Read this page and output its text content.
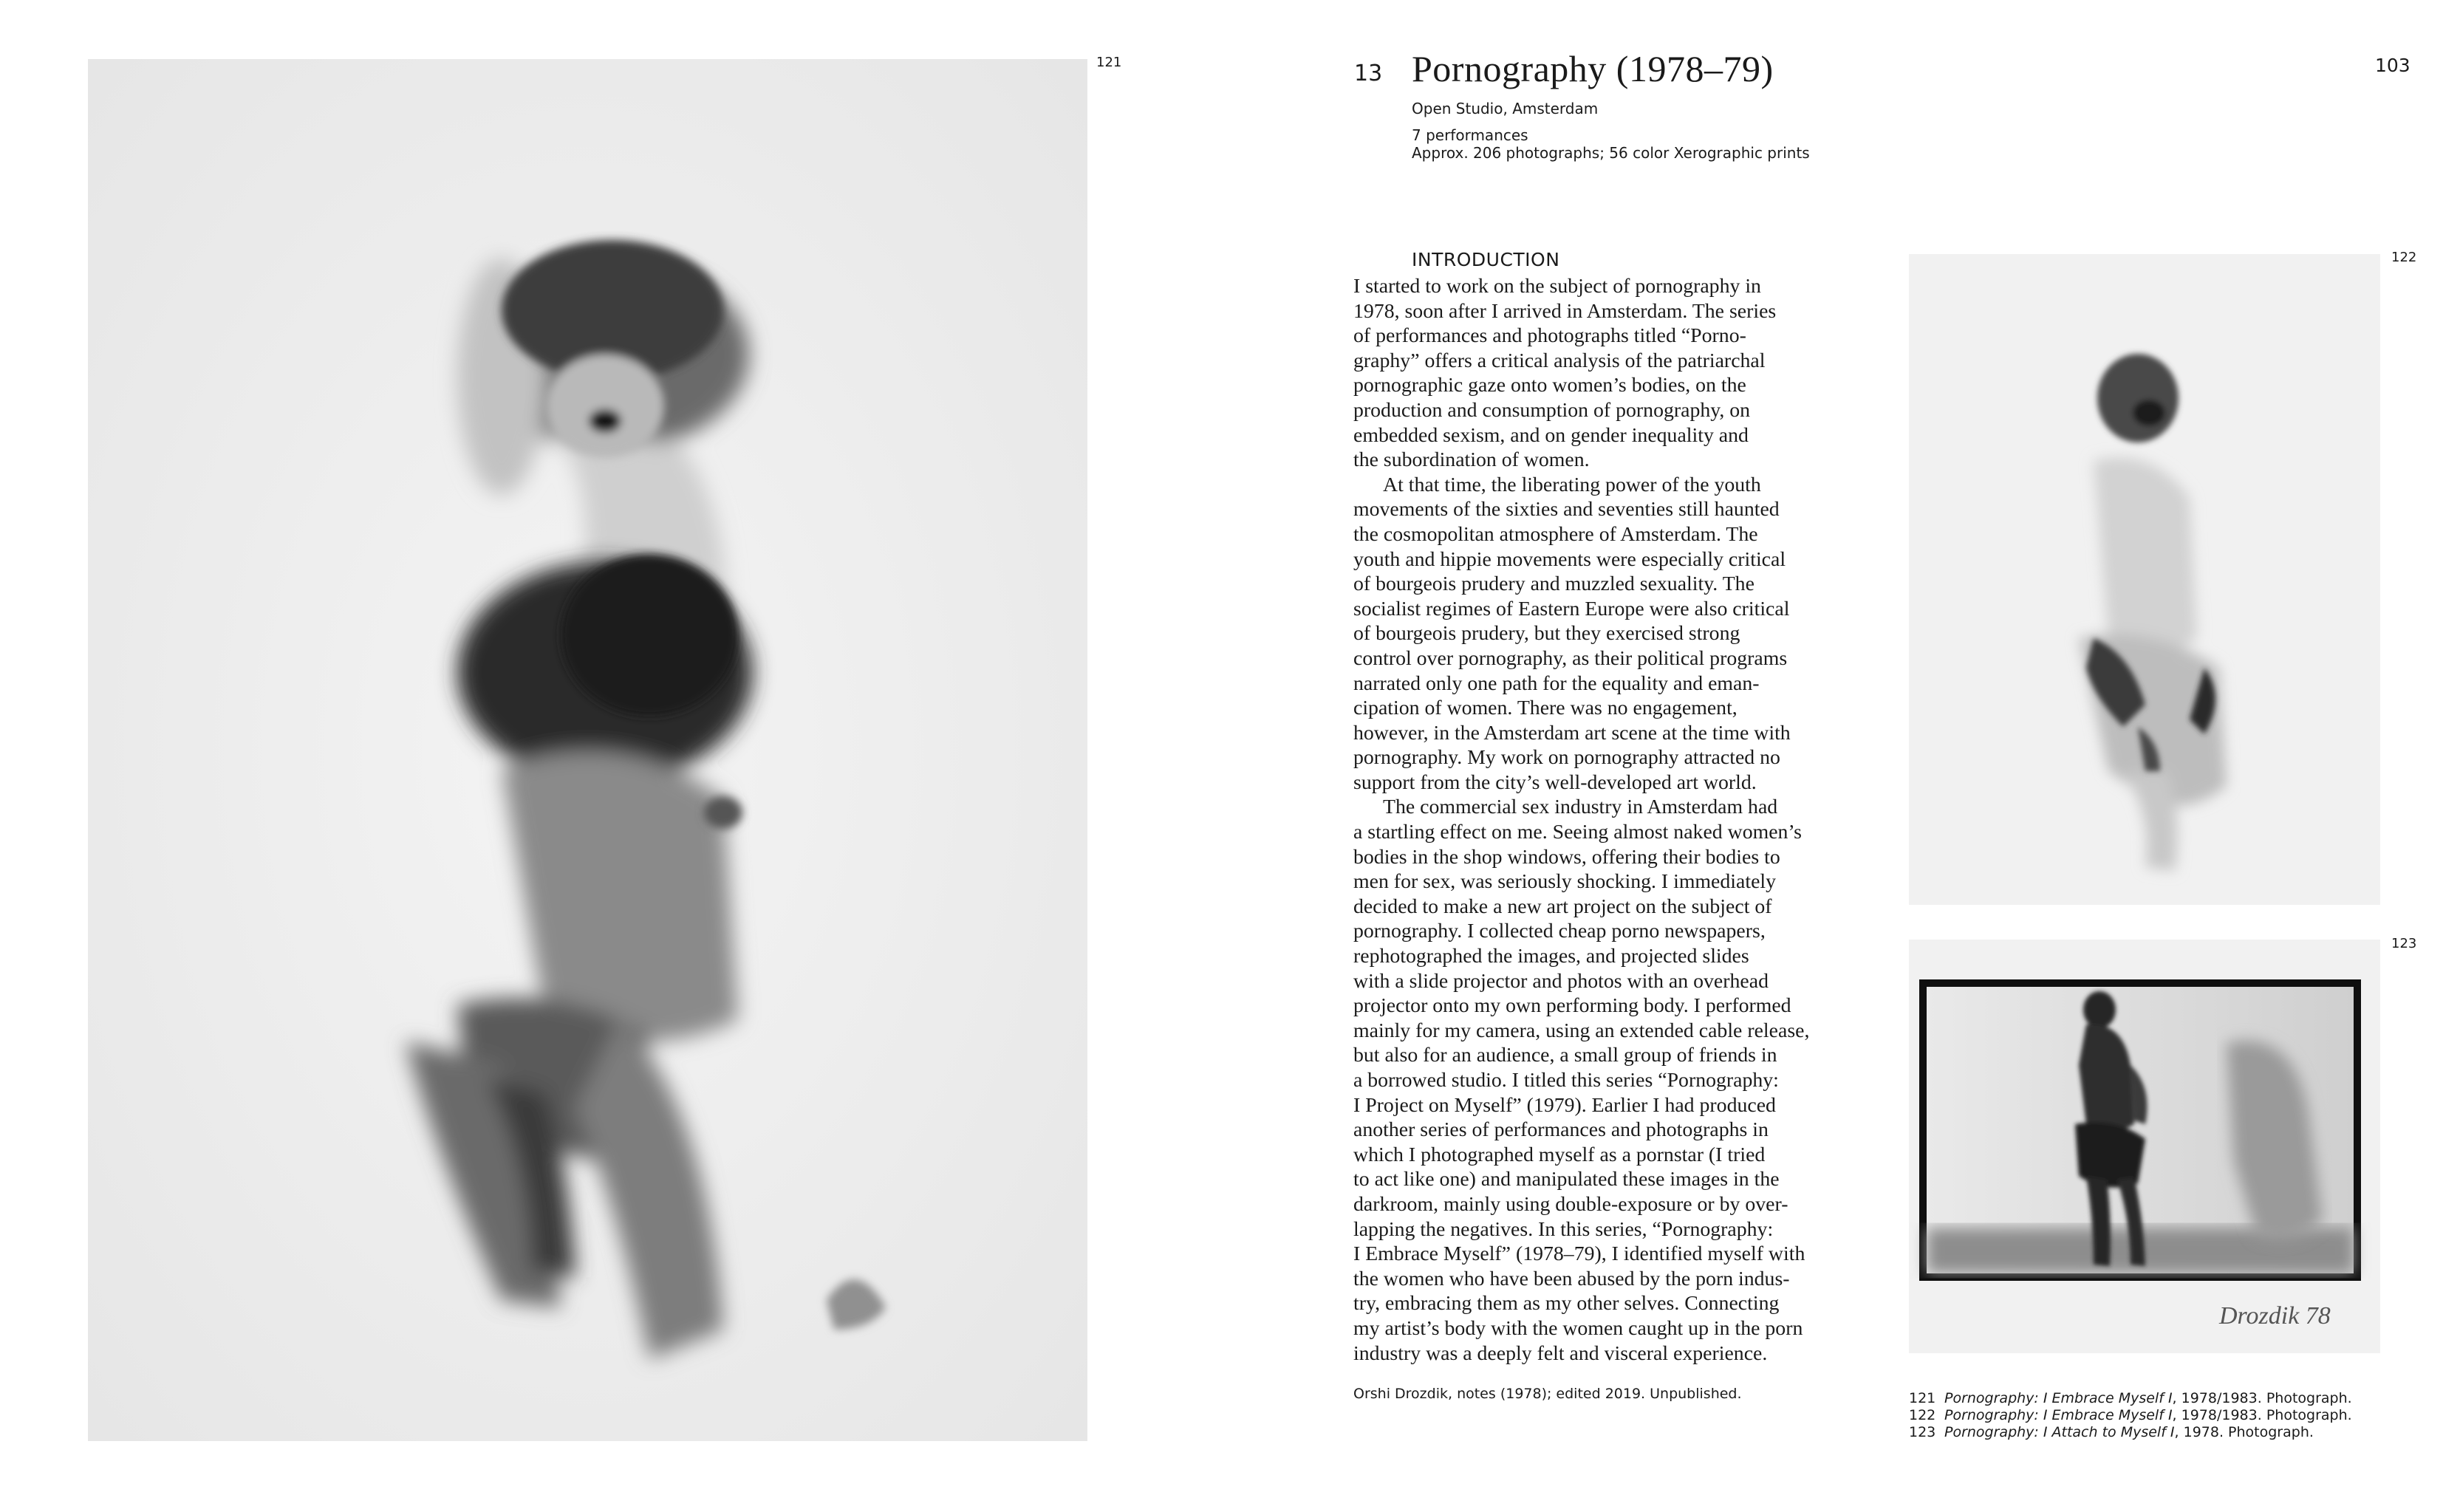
121	13 Pornography (1978–79)	103
Open Studio, Amsterdam
7 performances
Approx. 206 photographs; 56 color Xerographic prints
INTRODUCTION
I started to work on the subject of pornography in
1978, soon after I arrived in Amsterdam. The series
of performances and photographs titled “Porno-
graphy” offers a critical analysis of the patriarchal
pornographic gaze onto women’s bodies, on the
production and consumption of pornography, on
embedded sexism, and on gender inequality and
the subordination of women.
At that time, the liberating power of the youth
movements of the sixties and seventies still haunted
the cosmopolitan atmosphere of Amsterdam. The
youth and hippie movements were especially critical
of bourgeois prudery and muzzled sexuality. The
socialist regimes of Eastern Europe were also critical
of bourgeois prudery, but they exercised strong
control over pornography, as their political programs
narrated only one path for the equality and eman-
cipation of women. There was no engagement,
however, in the Amsterdam art scene at the time with
pornography. My work on pornography attracted no
support from the city’s well-developed art world.
The commercial sex industry in Amsterdam had
a startling effect on me. Seeing almost naked women’s
bodies in the shop windows, offering their bodies to
men for sex, was seriously shocking. I immediately
decided to make a new art project on the subject of
pornography. I collected cheap porno newspapers,
rephotographed the images, and projected slides
with a slide projector and photos with an overhead
projector onto my own performing body. I performed
mainly for my camera, using an extended cable release,
but also for an audience, a small group of friends in
a borrowed studio. I titled this series “Pornography:
I Project on Myself” (1979). Earlier I had produced
another series of performances and photographs in
which I photographed myself as a pornstar (I tried
to act like one) and manipulated these images in the
darkroom, mainly using double-exposure or by over-
lapping the negatives. In this series, “Pornography:
I Embrace Myself” (1978–79), I identified myself with
the women who have been abused by the porn indus-
try, embracing them as my other selves. Connecting
my artist’s body with the women caught up in the porn
industry was a deeply felt and visceral experience.
Orshi Drozdik, notes (1978); edited 2019. Unpublished.
122
Drozdik 78
123
121 Pornography: I Embrace Myself I, 1978/1983. Photograph.
122 Pornography: I Embrace Myself I, 1978/1983. Photograph.
123 Pornography: I Attach to Myself I, 1978. Photograph.
